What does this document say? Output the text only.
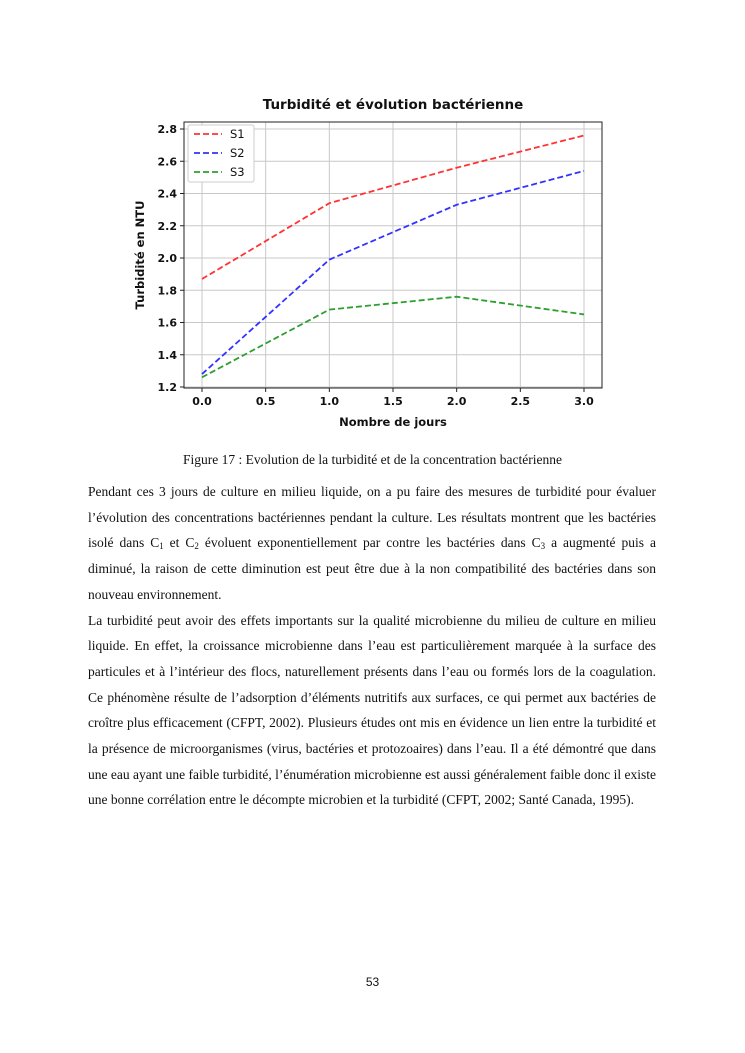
Turbidité et évolution bactérienne
0.0	0.5	1.0	1.5	2.0	2.5	3.0
1.2
1.4
1.6
1.8
2.0
2.2
2.4
2.6
2.8	S1
S2
S3
Nombre de jours
Turbidité en NTU
Figure 17 : Evolution de la turbidité et de la concentration bactérienne

Pendant ces 3 jours de culture en milieu liquide, on a pu faire des mesures de turbidité pour évaluer l’évolution des concentrations bactériennes pendant la culture. Les résultats montrent que les bactéries isolé dans $C_1$ et $C_2$ évoluent exponentiellement par contre les bactéries dans $C_3$ a augmenté puis a diminué, la raison de cette diminution est peut être due à la non compatibilité des bactéries dans son nouveau environnement.

La turbidité peut avoir des effets importants sur la qualité microbienne du milieu de culture en milieu liquide. En effet, la croissance microbienne dans l’eau est particulièrement marquée à la surface des particules et à l’intérieur des flocs, naturellement présents dans l’eau ou formés lors de la coagulation. Ce phénomène résulte de l’adsorption d’éléments nutritifs aux surfaces, ce qui permet aux bactéries de croître plus efficacement (CFPT, 2002). Plusieurs études ont mis en évidence un lien entre la turbidité et la présence de microorganismes (virus, bactéries et protozoaires) dans l’eau. Il a été démontré que dans une eau ayant une faible turbidité, l’énumération microbienne est aussi généralement faible donc il existe une bonne corrélation entre le décompte microbien et la turbidité (CFPT, 2002; Santé Canada, 1995).

53
